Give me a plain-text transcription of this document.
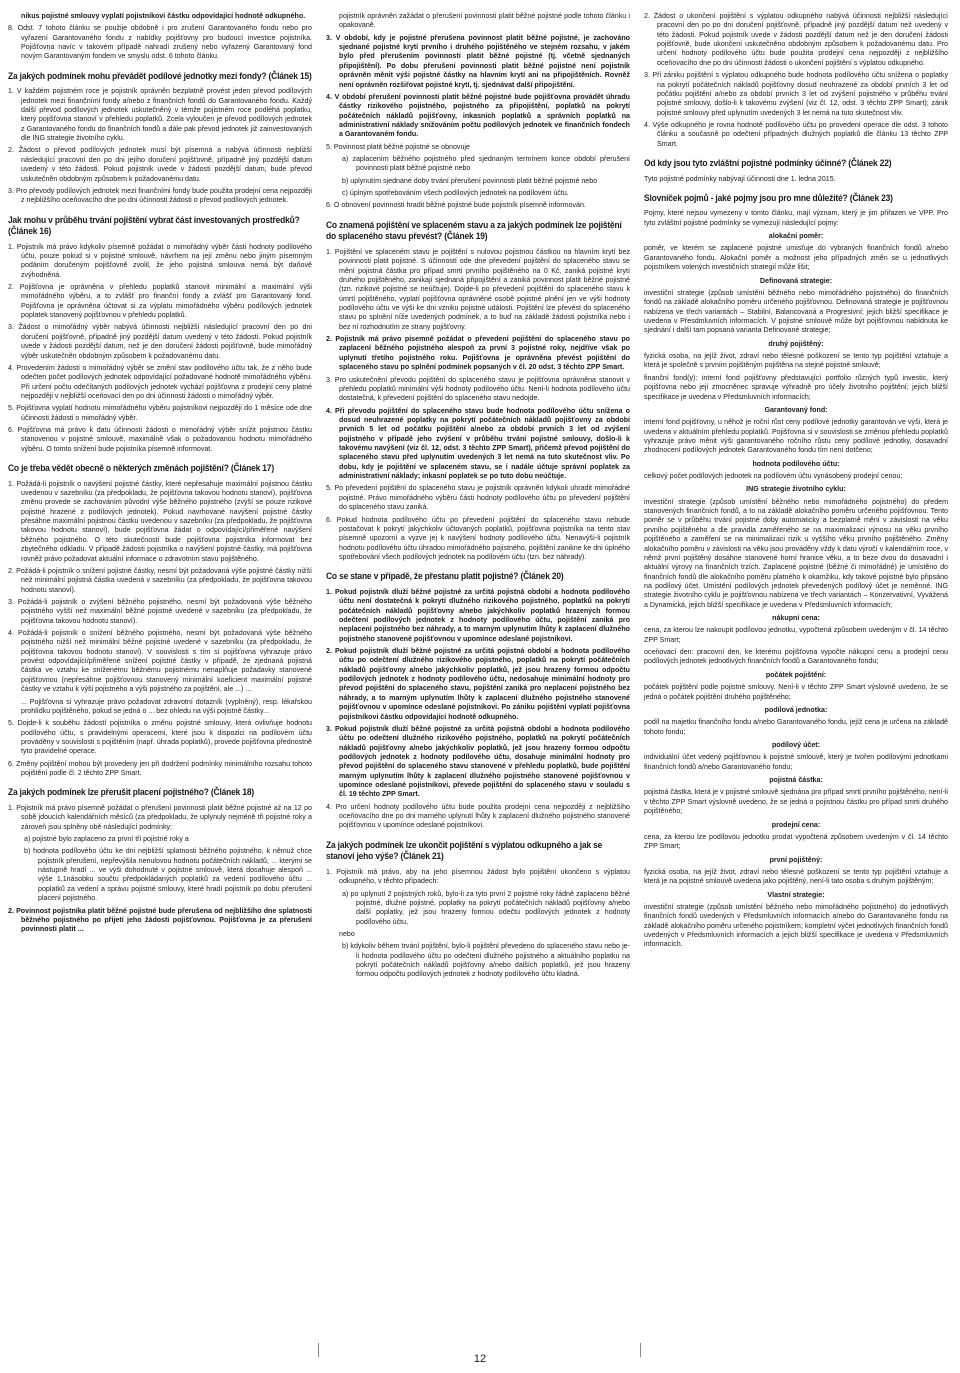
nikus pojistné smlouvy vyplatí pojistníkovi částku odpovídající hodnotě odkupného.

8. Odst. 7 tohoto článku se použije obdobně i pro zrušení Garantovaného fondu nebo pro vyřazení Garantovaného fondu z nabídky pojišťovny pro budoucí investice pojistníka. Pojišťovna navíc v takovém případě nahradí zrušený nebo vyřazený Garantovaný fond novým Garantovaným fondem ve smyslu odst. 6 tohoto článku.

Za jakých podmínek mohu převádět podílové jednotky mezi fondy? (Článek 15)

1. V každém pojistném roce je pojistník oprávněn bezplatně provést jeden převod podílových jednotek mezi finančními fondy a/nebo z finančních fondů do Garantovaného fondu. Každý další převod podílových jednotek uskutečněný v témže pojistném roce podléhá poplatku, který pojišťovna stanoví v přehledu poplatků. Zcela vyloučen je převod podílových jednotek z Garantovaného fondu do finančních fondů a dále pak převod jednotek již zainvestovaných dle ING strategie životního cyklu.

2. Žádost o převod podílových jednotek musí být písemná a nabývá účinnosti nejbližší následující pracovní den po dni jejího doručení pojišťovně, případně jiný pozdější datum uvedený v této žádosti. Pokud pojistník uvede v žádosti pozdější datum, bude převod uskutečněn obdobným způsobem k požadovanému datu.

3. Pro převody podílových jednotek mezi finančními fondy bude použita prodejní cena nejpozději z nejbližšího oceňovacího dne po dni účinnosti žádosti o převod podílových jednotek.

Jak mohu v průběhu trvání pojištění vybrat část investovaných prostředků? (Článek 16)

1. Pojistník má právo kdykoliv písemně požádat o mimořádný výběr části hodnoty podílového účtu, pouze pokud si v pojistné smlouvě, návrhem na její změnu nebo jiným písemným podáním doručeným pojišťovně zvolil, že jeho pojistná smlouva nemá být daňově zvýhodněná.

2. Pojišťovna je oprávněna v přehledu poplatků stanovit minimální a maximální výši mimořádného výběru, a to zvlášť pro finanční fondy a zvlášť pro Garantovaný fond. Pojišťovna je oprávněna účtovat si za výplatu mimořádného výběru podílových jednotek poplatek stanovený pojišťovnou v přehledu poplatků.

3. Žádost o mimořádný výběr nabývá účinnosti nejbližší následující pracovní den po dni doručení pojišťovně, případně jiný pozdější datum uvedený v této žádosti. Pokud pojistník uvede v žádosti pozdější datum, než je den doručení žádosti pojišťovně, bude mimořádný výběr uskutečněn obdobným způsobem k požadovanému datu.

4. Provedením žádosti o mimořádný výběr se změní stav podílového účtu tak, že z něho bude odečten počet podílových jednotek odpovídající požadované hodnotě mimořádného výběru. Při určení počtu odečítaných podílových jednotek vychází pojišťovna z prodejní ceny platné nejpozději v nejbližší oceňovací den po dni účinnosti žádosti o mimořádný výběr.

5. Pojišťovna vyplatí hodnotu mimořádného výběru pojistníkovi nejpozději do 1 měsíce ode dne účinnosti žádosti o mimořádný výběr.

6. Pojišťovna má právo k datu účinnosti žádosti o mimořádný výběr snížit pojistnou částku stanovenou v pojistné smlouvě, maximálně však o požadovanou hodnotu mimořádného výběru. O tomto snížení bude pojistníka písemně informovat.

Co je třeba vědět obecně o některých změnách pojištění? (Článek 17)

1. Požádá-li pojistník o navýšení pojistné částky, které nepřesahuje maximální pojistnou částku uvedenou v sazebníku (za předpokladu, že pojišťovna takovou hodnotu stanoví), pojišťovna změnu provede se zachováním původní výše běžného pojistného (zvýší se pouze rizikové pojistné hrazené z podílových jednotek). Pokud navrhované navýšení pojistné částky přesáhne maximální pojistnou částku uvedenou v sazebníku (za předpokladu, že pojišťovna takovou hodnotu stanoví), bude pojišťovna žádat o odpovídající/přiměřené navýšení běžného pojistného. O této skutečnosti bude pojišťovna pojistníka informovat bez zbytečného odkladu. V případě žádosti pojistníka o navýšení pojistné částky, má pojišťovna rovněž právo požadovat aktuální informace o zdravotním stavu pojištěného.

2. Požádá-li pojistník o snížení pojistné částky, nesmí být požadovaná výše pojistné částky nižší než minimální pojistná částka uvedená v sazebníku (za předpokladu, že pojišťovna takovou hodnotu stanoví).

3. Požádá-li pojistník o zvýšení běžného pojistného, nesmí být požadovaná výše běžného pojistného vyšší než maximální běžné pojistné uvedené v sazebníku (za předpokladu, že pojišťovna takovou hodnotu stanoví).

4. Požádá-li pojistník o snížení běžného pojistného, nesmí být požadovaná výše běžného pojistného nižší než minimální běžné pojistné uvedené v sazebníku (za předpokladu, že pojišťovna takovou hodnotu stanoví). V souvislosti s tím si pojišťovna vyhrazuje právo provést odpovídající/přiměřené snížení pojistné částky v případě, že zjednaná pojistná částka ve vztahu ke sníženému běžnému pojistnému nenaplňuje požadavky stanovené pojišťovnou (nepřesáhne pojišťovnou stanovený minimální koeficient maximální pojistné částky ve vztahu k výši pojistného a výši pojistného za pojištění, ale ...) ...

... Pojišťovna si vyhrazuje právo požadovat zdravotní dotazník (vyplněný), resp. lékařskou prohlídku pojištěného, pokud se jedná o ... bez ohledu na výši pojistné částky...

5. Dojde-li k souběhu žádostí pojistníka o změnu pojistné smlouvy, která ovlivňuje hodnotu podílového účtu, s pravidelnými operacemi, které jsou k dispozici na podílovém účtu prováděny v souvislosti s pojištěním (např. úhrada poplatků), provede pojišťovna přednostně tyto pravidelné operace.

6. Změny pojištění mohou být provedeny jen při dodržení podmínky minimálního rozsahu tohoto pojištění podle čl. 2 těchto ZPP Smart.

Za jakých podmínek lze přerušit placení pojistného? (Článek 18)

1. Pojistník má právo písemně požádat o přerušení povinnosti platit běžné pojistné až na 12 po sobě jdoucích kalendářních měsíců (za předpokladu, že uplynuly nejméně tři pojistné roky a zároveň jsou splněny obě následující podmínky:

a) pojistné bylo zaplaceno za první tři pojistné roky a

b) hodnota podílového účtu ke dni nejbližší splatnosti běžného pojistného, k němuž chce pojistník přerušení, nepřevýšila nenulovou hodnotu počátečních nákladů, ... kterými se nástupně hradí ... ve výši dohodnuté v pojistné smlouvě, která dosahuje alespoň ... výše 1,1násobku součtu předpokládaných poplatků za vedení podílového účtu ... poplatků za vedení a správu pojistné smlouvy, které hradí pojistník po dobu přerušení placení pojistného.

2. Povinnost pojistníka platit běžné pojistné bude přerušena od nejbližšího dne splatnosti běžného pojistného po přijetí jeho žádosti pojišťovnou. Pojišťovna je za přerušení povinnosti platit ...

pojistník oprávněn zažádat o přerušení povinnosti platit běžné pojistné podle tohoto článku i opakovaně.

3. V období, kdy je pojistné přerušena povinnost platit běžné pojistné, je zachováno sjednané pojistné krytí prvního i druhého pojištěného ve stejném rozsahu, v jakém bylo před přerušením povinnosti platit běžné pojistné (tj. včetně sjednaných připojištění). Po dobu přerušení povinnosti platit běžné pojistné není pojistník oprávněn měnit výši pojistné částky na hlavním krytí ani na připojištěních. Rovněž není oprávněn rozšiřovat pojistné krytí, tj. sjednávat další připojištění.

4. V období přerušení povinnosti platit běžné pojistné bude pojišťovna provádět úhradu částky rizikového pojistného, pojistného za připojištění, poplatků na pokrytí počátečních nákladů pojišťovny, inkasních poplatků a správních poplatků na administrativní náklady snižováním počtu podílových jednotek ve finančních fondech a Garantovaném fondu.

5. Povinnost platit běžné pojistné se obnovuje

a) zaplacením běžného pojistného před sjednaným termínem konce období přerušení povinnosti platit běžné pojistné nebo

b) uplynutím sjednané doby trvání přerušení povinnosti platit běžné pojistné nebo

c) úplným spotřebováním všech podílových jednotek na podílovém účtu.

6. O obnovení povinnosti hradit běžné pojistné bude pojistník písemně informován.

Co znamená pojištění ve splaceném stavu a za jakých podmínek lze pojištění do splaceného stavu převést? (Článek 19)

1. Pojištění ve splaceném stavu je pojištění s nulovou pojistnou částkou na hlavním krytí bez povinnosti platit pojistné. S účinností ode dne převedení pojištění do splaceného stavu se mění pojistná částka pro případ smrti prvního pojištěného na 0 Kč, zaniká pojistné krytí druhého pojištěného, zanikají sjednaná připojištění a zaniká povinnost platit běžné pojistné (tzn. rizikové pojistné se neúčtuje). Dojde-li po převedení pojištění do splaceného stavu k úmrtí pojištěného, vyplatí pojišťovna oprávněné osobě pojistné plnění jen ve výši hodnoty podílového účtu ve výši ke dni vzniku pojistné události. Pojištění lze převést do splaceného stavu po splnění níže uvedených podmínek, a to buď na základě žádosti pojistníka nebo i bez ní rozhodnutím ze strany pojišťovny.

2. Pojistník má právo písemně požádat o převedení pojištění do splaceného stavu po zaplacení běžného pojistného alespoň za první 3 pojistné roky, nejdříve však po uplynutí třetího pojistného roku. Pojišťovna je oprávněna převést pojištění do splaceného stavu po splnění podmínek popsaných v čl. 20 odst. 3 těchto ZPP Smart.

3. Pro uskutečnění převodu pojištění do splaceného stavu je pojišťovna oprávněna stanovit v přehledu poplatků minimální výši hodnoty podílového účtu. Není-li hodnota podílového účtu dostatečná, k převedení pojištění do splaceného stavu nedojde.

4. Při převodu pojištění do splaceného stavu bude hodnota podílového účtu snížena o dosud neuhrazené poplatky na pokrytí počátečních nákladů pojišťovny za období prvních 5 let od počátku pojištění a/nebo za období prvních 3 let od zvýšení pojistného v případě jeho zvýšení v průběhu trvání pojistné smlouvy, došlo-li k takovému navýšení (viz čl. 12, odst. 3 těchto ZPP Smart), přičemž převod pojištění do splaceného stavu před uplynutím uvedených 3 let nemá na tuto skutečnost vliv. Po dobu, kdy je pojištění ve splaceném stavu, se i nadále účtuje správní poplatek za administrativní náklady; inkasní poplatek se po tuto dobu neúčtuje.

5. Po převedení pojištění do splaceného stavu je pojistník oprávněn kdykoli uhradit mimořádné pojistné. Právo mimořádného výběru části hodnoty podílového účtu po převedení pojištění do splaceného stavu zaniká.

6. Pokud hodnota podílového účtu po převedení pojištění do splaceného stavu nebude postačovat k pokrytí jakýchkoliv účtovaných poplatků, pojišťovna pojistníka na tento stav písemně upozorní a vyzve jej k navýšení hodnoty podílového účtu. Nenavýší-li pojistník hodnotu podílového účtu úhradou mimořádného pojistného, pojištění zanikne ke dni úplného spotřebování všech podílových jednotek na podílovém účtu (tzn. bez náhrady).

Co se stane v případě, že přestanu platit pojistné? (Článek 20)

1. Pokud pojistník dluží běžné pojistné za určitá pojistná období a hodnota podílového účtu není dostatečná k pokrytí dlužného rizikového pojistného, poplatků na pokrytí počátečních nákladů pojišťovny a/nebo jakýchkoliv poplatků hrazených formou odečtení podílových jednotek z hodnoty podílového účtu, pojištění zaniká pro neplacení pojistného bez náhrady, a to marným uplynutím lhůty k zaplacení dlužného pojistného stanovené pojišťovnou v upomínce odeslané pojistníkovi.

2. Pokud pojistník dluží běžné pojistné za určitá pojistná období a hodnota podílového účtu po odečtení dlužného rizikového pojistného, poplatků na pokrytí počátečních nákladů pojišťovny a/nebo jakýchkoliv poplatků, jež jsou hrazeny formou odpočtu podílových jednotek z hodnoty podílového účtu, nedosahuje minimální hodnoty pro převod pojištění do splaceného stavu, pojištění zaniká pro neplacení pojistného bez náhrady, a to marným uplynutím lhůty k zaplacení dlužného pojistného stanovené pojišťovnou v upomínce odeslané pojistníkovi. Po zániku pojištění vyplatí pojišťovna pojistníkovi částku odpovídající hodnotě odkupného.

3. Pokud pojistník dluží běžné pojistné za určitá pojistná období a hodnota podílového účtu po odečtení dlužného rizikového pojistného, poplatků na pokrytí počátečních nákladů pojišťovny a/nebo jakýchkoliv poplatků, jež jsou hrazeny formou odpočtu podílových jednotek z hodnoty podílového účtu, dosahuje minimální hodnoty pro převod pojištění do splaceného stavu stanovené v přehledu poplatků, bude pojištění marným uplynutím lhůty k zaplacení dlužného pojistného stanovené pojišťovnou v upomínce odeslané pojistníkovi, převede pojištění do splaceného stavu v souladu s čl. 19 těchto ZPP Smart.

4. Pro určení hodnoty podílového účtu bude použita prodejní cena nejpozději z nejbližšího oceňovacího dne po dni marného uplynutí lhůty k zaplacení dlužného pojistného stanovené pojišťovnou v upomínce odeslané pojistníkovi.

Za jakých podmínek lze ukončit pojištění s výplatou odkupného a jak se stanoví jeho výše? (Článek 21)

1. Pojistník má právo, aby na jeho písemnou žádost bylo pojištění ukončeno s výplatou odkupného, v těchto případech:

a) po uplynutí 2 pojistných roků, bylo-li za tyto první 2 pojistné roky řádně zaplaceno běžné pojistné, dlužné pojistné, poplatky na pokrytí počátečních nákladů pojišťovny a/nebo další poplatky, jež jsou hrazeny formou odečtu podílových jednotek z hodnoty podílového účtu,

nebo

b) kdykoliv během trvání pojištění, bylo-li pojištění převedeno do splaceného stavu nebo je-li hodnota podílového účtu po odečtení dlužného pojistného a aktuálního poplatku na pokrytí počátečních nákladů pojišťovny a/nebo dalších poplatků, jež jsou hrazeny formou odpočtu podílových jednotek z hodnoty podílového účtu kladná.

2. Žádost o ukončení pojištění s výplatou odkupného nabývá účinnosti nejbližší následující pracovní den po po dni doručení pojišťovně, případně jiný pozdější datum než uvedený v této žádosti. Pokud pojistník uvede v žádosti pozdější datum než je den doručení žádosti pojišťovně, bude ukončení uskutečněno obdobným způsobem k požadovanému datu. Pro určení hodnoty podílového účtu bude použita prodejní cena nejpozději z nejbližšího oceňovacího dne po dni účinnosti žádosti o ukončení pojištění s výplatou odkupného.

3. Při zániku pojištění s výplatou odkupného bude hodnota podílového účtu snížena o poplatky na pokrytí počátečních nákladů pojišťovny dosud neuhrazené za období prvních 3 let od počátku pojištění a/nebo za období prvních 3 let od zvýšení pojistného v průběhu trvání pojistné smlouvy, došlo-li k takovému zvýšení (viz čl. 12, odst. 3 těchto ZPP Smart); zánik pojistné smlouvy před uplynutím uvedených 3 let nemá na tuto skutečnost vliv.

4. Výše odkupného je rovna hodnotě podílového účtu po provedení operace dle odst. 3 tohoto článku a současně po odečtení případných dlužných poplatků dle článku 13 těchto ZPP Smart.

Od kdy jsou tyto zvláštní pojistné podmínky účinné? (Článek 22)

Tyto pojistné podmínky nabývají účinnosti dne 1. ledna 2015.

Slovníček pojmů - jaké pojmy jsou pro mne důležité? (Článek 23)

Pojmy, které nejsou vymezeny v tomto článku, mají význam, který je jim přiřazen ve VPP. Pro tyto zvláštní pojistné podmínky se vymezují následující pojmy:

alokační poměr:

poměr, ve kterém se zaplacené pojistné umisťuje do vybraných finančních fondů a/nebo Garantovaného fondu. Alokační poměr a možnost jeho případných změn se u jednotlivých pojistníkem volených investičních strategií může lišit;

Definovaná strategie:

investiční strategie (způsob umístění běžného nebo mimořádného pojistného) do finančních fondů na základě alokačního poměru určeného pojišťovnou. Definovaná strategie je pojišťovnou nabízena ve třech variantách – Stabilní, Balancovaná a Progresivní; jejich bližší specifikace je uvedena v Přesdmluvních informacích. V pojistné smlouvě může být pojišťovnou nabídnuta ke sjednání i další tam popsaná varianta Definované strategie;

druhý pojištěný:

fyzická osoba, na jejíž život, zdraví nebo tělesné poškození se tento typ pojištění vztahuje a která je společně s prvním pojištěným pojištěna na stejné pojistné smlouvě;

finanční fond(y): interní fond pojišťovny představující portfolio různých typů investic, který pojišťovna nebo její zmocněnec spravuje výhradně pro účely životního pojištění; jejich bližší specifikace je uvedena v Předsmluvních informacích;

Garantovaný fond:

interní fond pojišťovny, u něhož je roční růst ceny podílové jednotky garantován ve výši, která je uvedena v aktuálním přehledu poplatků. Pojišťovna si v souvislosti se změnou přehledu poplatků vyhrazuje právo měnit výši garantovaného ročního růstu ceny podílové jednotky, dosavadní zhodnocení podílových jednotek Garantovaného fondu tím není dotčeno;

hodnota podílového účtu:

celkový počet podílových jednotek na podílovém účtu vynásobený prodejní cenou;

ING strategie životního cyklu:

investiční strategie (způsob umístění běžného nebo mimořádného pojistného) do předem stanovených finančních fondů, a to na základě alokačního poměru určeného pojišťovnou. Tento poměr se v průběhu trvání pojistné doby automaticky a bezplatně mění v závislosti na věku prvního pojištěného a dle pravidla zaměřeného se na maximalizaci výnosu na věku prvního pojištěného a zaměření se na minimalizaci rizik u vyššího věku prvního pojištěného. Změny alokačního poměru v závislosti na věku jsou prováděny vždy k datu výročí v kalendářním roce, v němž první pojištěný dosáhne stanovené horní hranice věku, a to beze dvou do dosavadní i aktuální výrovy na finančních trzích. Zaplacené pojistné (běžné či mimořádné) je umístěno do finančních fondů dle alokačního poměru platného k okamžiku, kdy takové pojistné bylo připsáno na podílový účet. Umístění podílových jednotek převedených podílový účet je neměnné. ING strategie životního cyklu je pojišťovnou nabízena ve třech variantách – Konzervativní, Vyvážená a Dynamická, jejich bližší specifikace je uvedena v Předsmluvních informacích;

nákupní cena:

cena, za kterou lze nakoupit podílovou jednotku, vypočtená způsobem uvedeným v čl. 14 těchto ZPP Smart;

oceňovací den: pracovní den, ke kterému pojišťovna vypočte nákupní cenu a prodejní cenu podílových jednotek jednotlivých finančních fondů a Garantovaného fondu;

počátek pojištění:

počátek pojištění podle pojistné smlouvy. Není-li v těchto ZPP Smart výslovně uvedeno, že se jedná o počátek pojištění druhého pojištěného;

podílová jednotka:

podíl na majetku finančního fondu a/nebo Garantovaného fondu, jejíž cena je určena na základě tohoto fondu;

podílový účet:

individuální účet vedený pojišťovnou k pojistné smlouvě, který je tvořen podílovými jednotkami finančních fondů a/nebo Garantovaného fondu;

pojistná částka:

pojistná částka, která je v pojistné smlouvě sjednána pro případ smrti prvního pojištěného, není-li v těchto ZPP Smart výslovně uvedeno, že se jedná o pojistnou částku pro případ smrti druhého pojištěného;

prodejní cena:

cena, za kterou lze podílovou jednotku prodat vypočtená způsobem uvedeným v čl. 14 těchto ZPP Smart;

první pojištěný:

fyzická osoba, na jejíž život, zdraví nebo tělesné poškození se tento typ pojištění vztahuje a která je na pojistné smlouvě uvedena jako pojištěný, není-li tato osoba s druhým pojištěným;

Vlastní strategie:

investiční strategie (způsob umístění běžného nebo mimořádného pojistného) do jednotlivých finančních fondů uvedených v Předsmluvních informacích a/nebo do Garantovaného fondu na základě alokačního poměru určeného pojistníkem; kompletní výčet jednotlivých finančních fondů uvedených v Předsmluvních informacích a jejich bližší specifikace je uvedena v Předsmluvních informacích.

12
